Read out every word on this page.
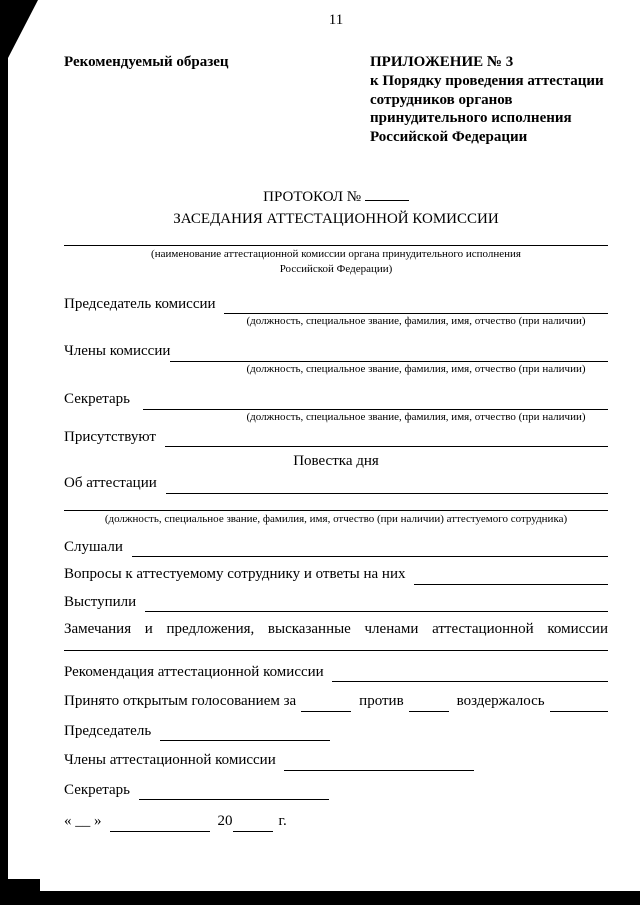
11
Рекомендуемый образец	ПРИЛОЖЕНИЕ № 3
к Порядку проведения аттестации
сотрудников органов
принудительного исполнения
Российской Федерации
ПРОТОКОЛ №
ЗАСЕДАНИЯ АТТЕСТАЦИОННОЙ КОМИССИИ
(наименование аттестационной комиссии органа принудительного исполнения
Российской Федерации)
Председатель комиссии
(должность, специальное звание, фамилия, имя, отчество (при наличии)
Члены комиссии
(должность, специальное звание, фамилия, имя, отчество (при наличии)
Секретарь
(должность, специальное звание, фамилия, имя, отчество (при наличии)
Присутствуют
Повестка дня
Об аттестации
(должность, специальное звание, фамилия, имя, отчество (при наличии) аттестуемого сотрудника)
Слушали
Вопросы к аттестуемому сотруднику и ответы на них
Выступили
Замечания и предложения, высказанные членами аттестационной комиссии
Рекомендация аттестационной комиссии
Принято открытым голосованием за	против	воздержалось
Председатель
Члены аттестационной комиссии
Секретарь
« __ »	20	г.
